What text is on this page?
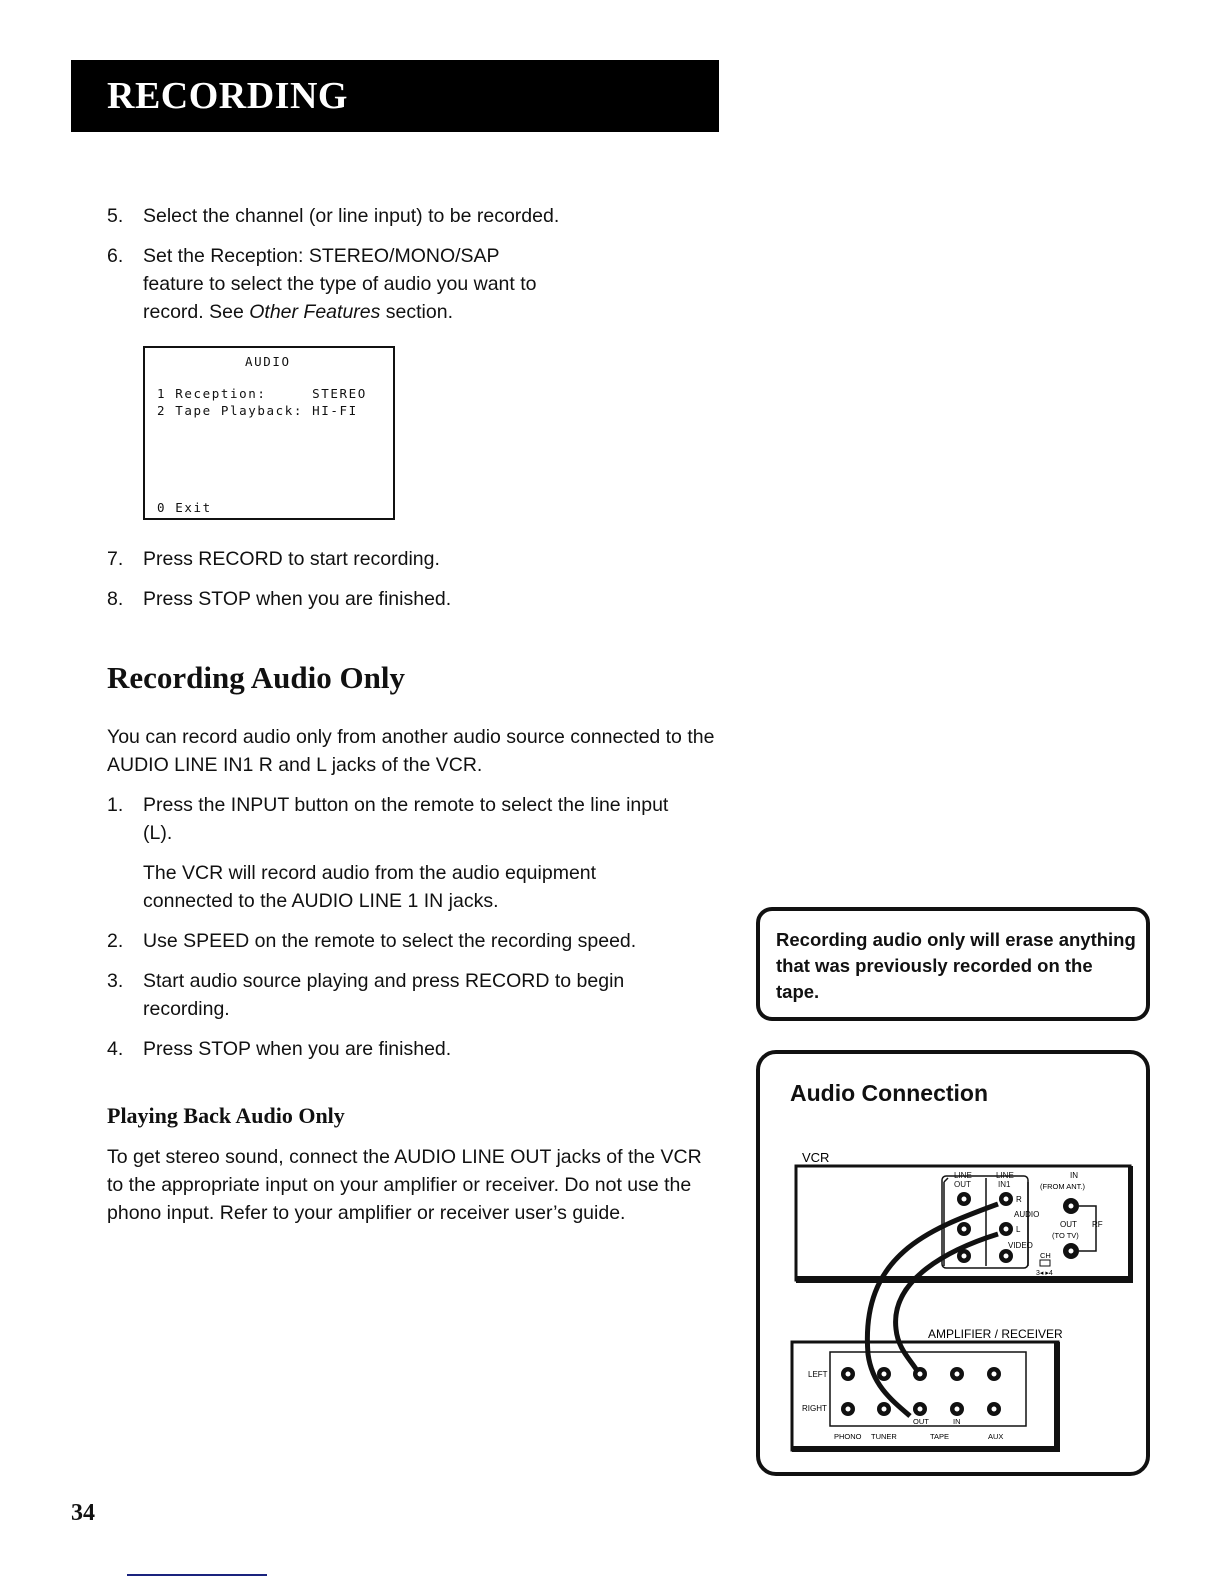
RECORDING
5. Select the channel (or line input) to be recorded.
6. Set the Reception: STEREO/MONO/SAP feature to select the type of audio you want to record. See Other Features section.
AUDIO
1 Reception:     STEREO
2 Tape Playback: HI-FI
0 Exit
7. Press RECORD to start recording.
8. Press STOP when you are finished.
Recording Audio Only
You can record audio only from another audio source connected to the AUDIO LINE IN1 R and L jacks of the VCR.
1. Press the INPUT button on the remote to select the line input (L).
The VCR will record audio from the audio equipment connected to the AUDIO LINE 1 IN jacks.
2. Use SPEED on the remote to select the recording speed.
3. Start audio source playing and press RECORD to begin recording.
4. Press STOP when you are finished.
Playing Back Audio Only
To get stereo sound, connect the AUDIO LINE OUT jacks of the VCR to the appropriate input on your amplifier or receiver. Do not use the phono input. Refer to your amplifier or receiver user’s guide.
Recording audio only will erase anything that was previously recorded on the tape.
Audio Connection
VCR
LINE
OUT
LINE
IN1
R
L
AUDIO
VIDEO
IN
(FROM ANT.)
OUT
(TO TV)
RF
CH
3◂ ▸4
AMPLIFIER / RECEIVER
LEFT
RIGHT
OUT	IN
PHONO TUNER	TAPE	AUX
34
